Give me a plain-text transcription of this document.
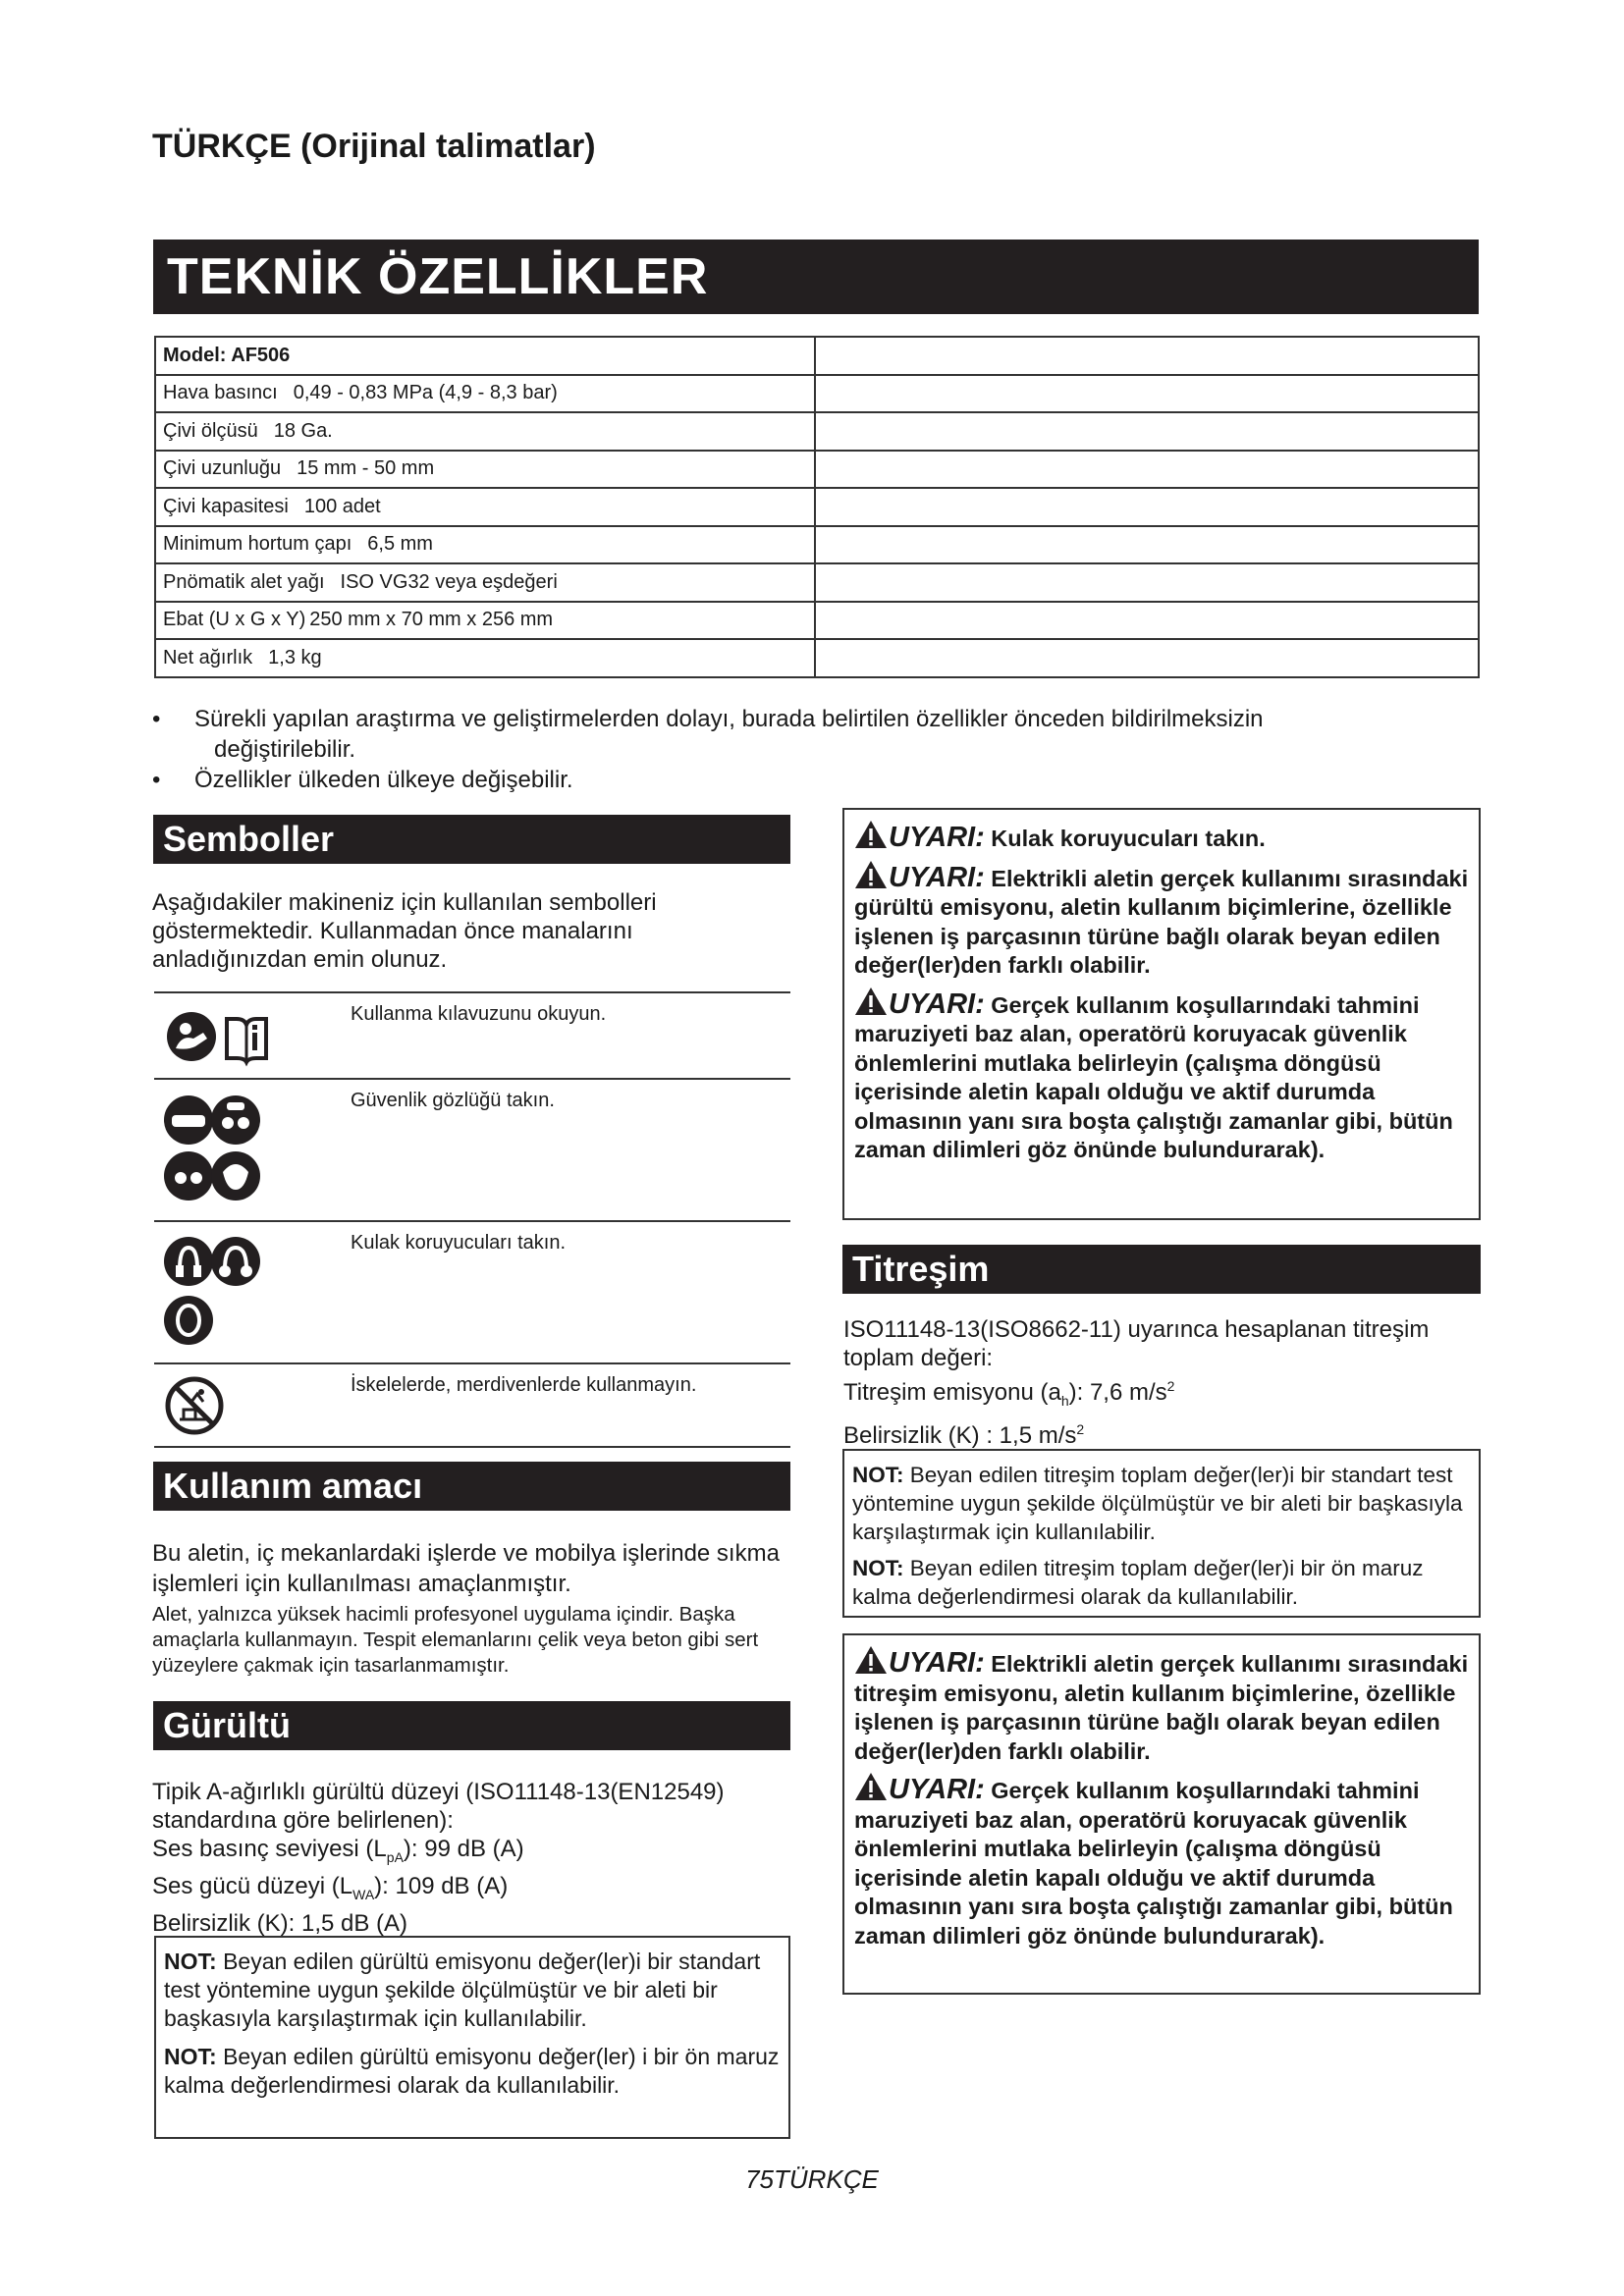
TÜRKÇE (Orijinal talimatlar)
TEKNİK ÖZELLİKLER
Model: AF506	
Hava basıncı 0,49 - 0,83 MPa (4,9 - 8,3 bar)	
Çivi ölçüsü 18 Ga.	
Çivi uzunluğu 15 mm - 50 mm	
Çivi kapasitesi 100 adet	
Minimum hortum çapı 6,5 mm	
Pnömatik alet yağı ISO VG32 veya eşdeğeri	
Ebat (U x G x Y) 250 mm x 70 mm x 256 mm	
Net ağırlık 1,3 kg	
• Sürekli yapılan araştırma ve geliştirmelerden dolayı, burada belirtilen özellikler önceden bildirilmeksizin
değiştirilebilir.
• Özellikler ülkeden ülkeye değişebilir.
Semboller
Aşağıdakiler makineniz için kullanılan sembolleri göstermektedir. Kullanmadan önce manalarını anladığınızdan emin olunuz.
	Kullanma kılavuzunu okuyun.
	Güvenlik gözlüğü takın.
	Kulak koruyucuları takın.
	İskelelerde, merdivenlerde kullanmayın.
Kullanım amacı
Bu aletin, iç mekanlardaki işlerde ve mobilya işlerinde sıkma işlemleri için kullanılması amaçlanmıştır.
Alet, yalnızca yüksek hacimli profesyonel uygulama içindir. Başka amaçlarla kullanmayın. Tespit elemanlarını çelik veya beton gibi sert yüzeylere çakmak için tasarlanmamıştır.
Gürültü
Tipik A-ağırlıklı gürültü düzeyi (ISO11148-13(EN12549) standardına göre belirlenen):
Ses basınç seviyesi $(L_{pA})$: 99 dB (A)
Ses gücü düzeyi $(L_{WA})$: 109 dB (A)
Belirsizlik (K): 1,5 dB (A)
NOT: Beyan edilen gürültü emisyonu değer(ler)i bir standart test yöntemine uygun şekilde ölçülmüştür ve bir aleti bir başkasıyla karşılaştırmak için kullanılabilir.
NOT: Beyan edilen gürültü emisyonu değer(ler) i bir ön maruz kalma değerlendirmesi olarak da kullanılabilir.
UYARI: Kulak koruyucuları takın.
UYARI: Elektrikli aletin gerçek kullanımı sırasındaki gürültü emisyonu, aletin kullanım biçimlerine, özellikle işlenen iş parçasının türüne bağlı olarak beyan edilen değer(ler)den farklı olabilir.
UYARI: Gerçek kullanım koşullarındaki tahmini maruziyeti baz alan, operatörü koruyacak güvenlik önlemlerini mutlaka belirleyin (çalışma döngüsü içerisinde aletin kapalı olduğu ve aktif durumda olmasının yanı sıra boşta çalıştığı zamanlar gibi, bütün zaman dilimleri göz önünde bulundurarak).
Titreşim
ISO11148-13(ISO8662-11) uyarınca hesaplanan titreşim toplam değeri:
Titreşim emisyonu $(a_h)$: 7,6 $m/s^2$
Belirsizlik (K) : 1,5 $m/s^2$
NOT: Beyan edilen titreşim toplam değer(ler)i bir standart test yöntemine uygun şekilde ölçülmüştür ve bir aleti bir başkasıyla karşılaştırmak için kullanılabilir.
NOT: Beyan edilen titreşim toplam değer(ler)i bir ön maruz kalma değerlendirmesi olarak da kullanılabilir.
UYARI: Elektrikli aletin gerçek kullanımı sırasındaki titreşim emisyonu, aletin kullanım biçimlerine, özellikle işlenen iş parçasının türüne bağlı olarak beyan edilen değer(ler)den farklı olabilir.
UYARI: Gerçek kullanım koşullarındaki tahmini maruziyeti baz alan, operatörü koruyacak güvenlik önlemlerini mutlaka belirleyin (çalışma döngüsü içerisinde aletin kapalı olduğu ve aktif durumda olmasının yanı sıra boşta çalıştığı zamanlar gibi, bütün zaman dilimleri göz önünde bulundurarak).
75TÜRKÇE
